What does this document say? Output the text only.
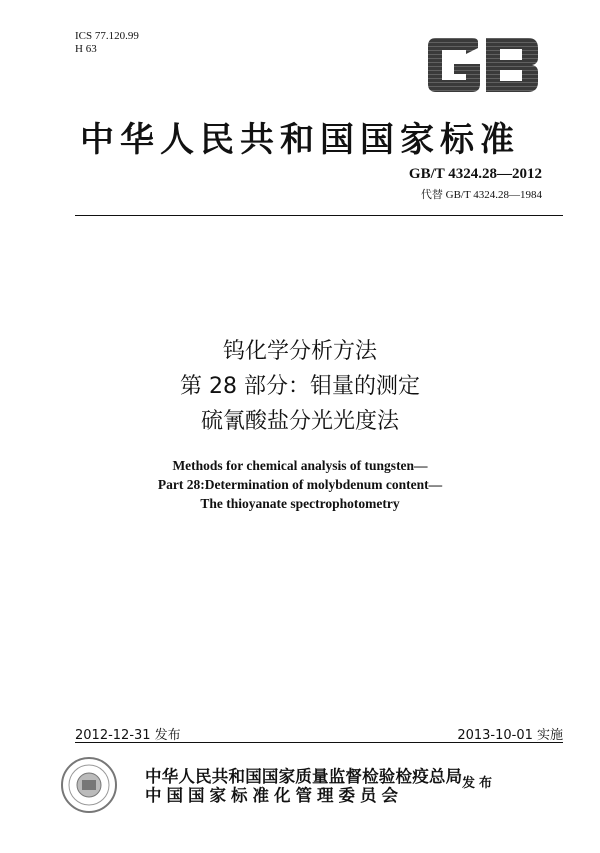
ICS 77.120.99
H 63
中华人民共和国国家标准
GB/T 4324.28—2012
代替 GB/T 4324.28—1984
钨化学分析方法
第 28 部分：钼量的测定
硫氰酸盐分光光度法
Methods for chemical analysis of tungsten—
Part 28:Determination of molybdenum content—
The thioyanate spectrophotometry
2012-12-31 发布	2013-10-01 实施
中华人民共和国国家质量监督检验检疫总局
中国国家标准化管理委员会
发布
